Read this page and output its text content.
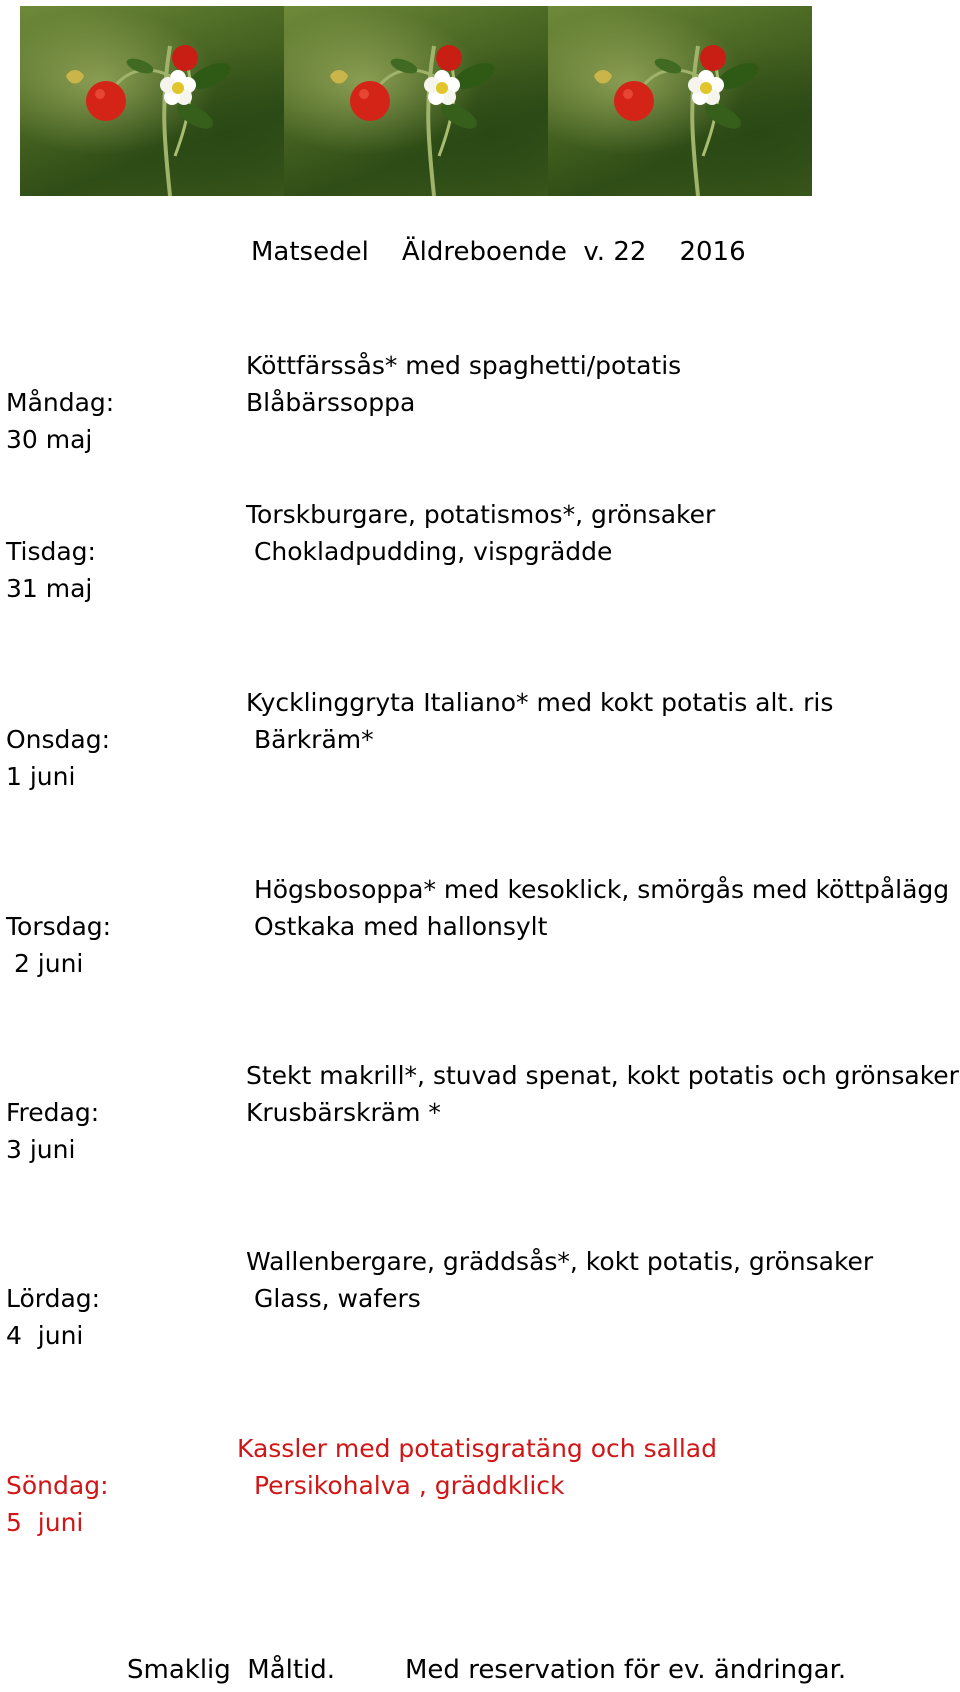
Matsedel    Äldreboende  v. 22    2016
Köttfärssås* med spaghetti/potatis
Blåbärssoppa
Måndag:
30 maj
Torskburgare, potatismos*, grönsaker
Chokladpudding, vispgrädde
Tisdag:
31 maj
Kycklinggryta Italiano* med kokt potatis alt. ris
Bärkräm*
Onsdag:
1 juni
Högsbosoppa* med kesoklick, smörgås med köttpålägg
Ostkaka med hallonsylt
Torsdag:
2 juni
Stekt makrill*, stuvad spenat, kokt potatis och grönsaker
Krusbärskräm *
Fredag:
3 juni
Wallenbergare, gräddsås*, kokt potatis, grönsaker
Glass, wafers
Lördag:
4  juni
Kassler med potatisgratäng och sallad
Persikohalva , gräddklick
Söndag:
5  juni
Smaklig  Måltid.	Med reservation för ev. ändringar.
